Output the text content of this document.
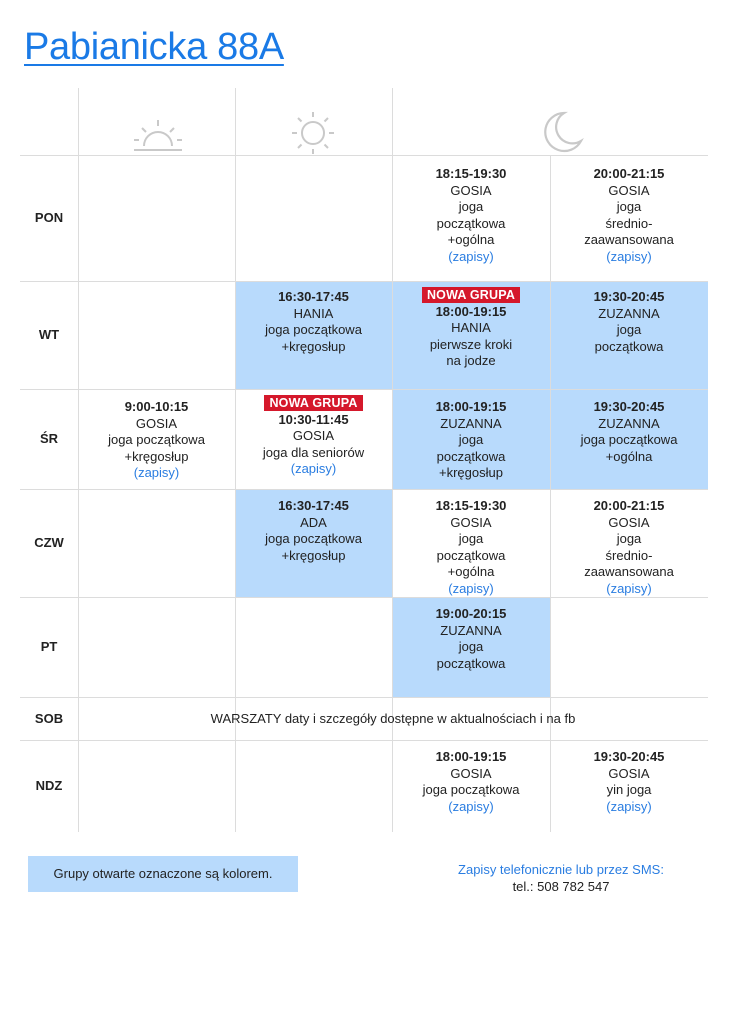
Pabianicka 88A
PON
WT
ŚR
CZW
PT
SOB
NDZ
18:15-19:30
GOSIA
joga
początkowa
+ogólna
(zapisy)
20:00-21:15
GOSIA
joga
średnio-
zaawansowana
(zapisy)
16:30-17:45
HANIA
joga początkowa
+kręgosłup
NOWA GRUPA
18:00-19:15
HANIA
pierwsze kroki
na jodze
19:30-20:45
ZUZANNA
joga
początkowa
9:00-10:15
GOSIA
joga początkowa
+kręgosłup
(zapisy)
NOWA GRUPA
10:30-11:45
GOSIA
joga dla seniorów
(zapisy)
18:00-19:15
ZUZANNA
joga
początkowa
+kręgosłup
19:30-20:45
ZUZANNA
joga początkowa
+ogólna
16:30-17:45
ADA
joga początkowa
+kręgosłup
18:15-19:30
GOSIA
joga
początkowa
+ogólna
(zapisy)
20:00-21:15
GOSIA
joga
średnio-
zaawansowana
(zapisy)
19:00-20:15
ZUZANNA
joga
początkowa
18:00-19:15
GOSIA
joga początkowa
(zapisy)
19:30-20:45
GOSIA
yin joga
(zapisy)
WARSZATY daty i szczegóły dostępne w aktualnościach i na fb
Grupy otwarte oznaczone są kolorem.	Zapisy telefonicznie lub przez SMS:
tel.: 508 782 547
